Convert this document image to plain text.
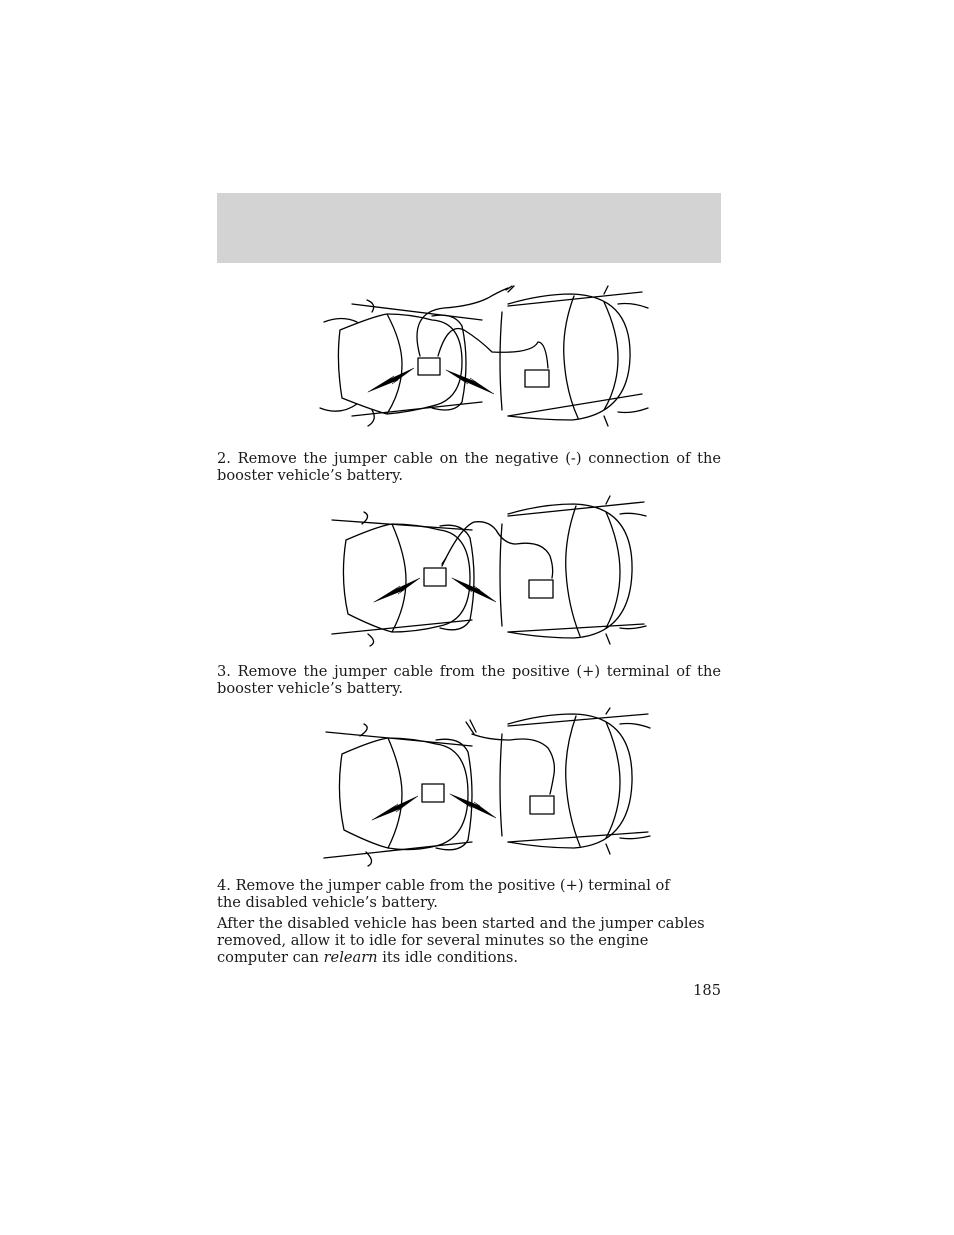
2. Remove the jumper cable on the negative (-) connection of the booster vehicle’s battery.

3. Remove the jumper cable from the positive (+) terminal of the booster vehicle’s battery.

4. Remove the jumper cable from the positive (+) terminal of the disabled vehicle’s battery.

After the disabled vehicle has been started and the jumper cables removed, allow it to idle for several minutes so the engine computer can relearn its idle conditions.

185
